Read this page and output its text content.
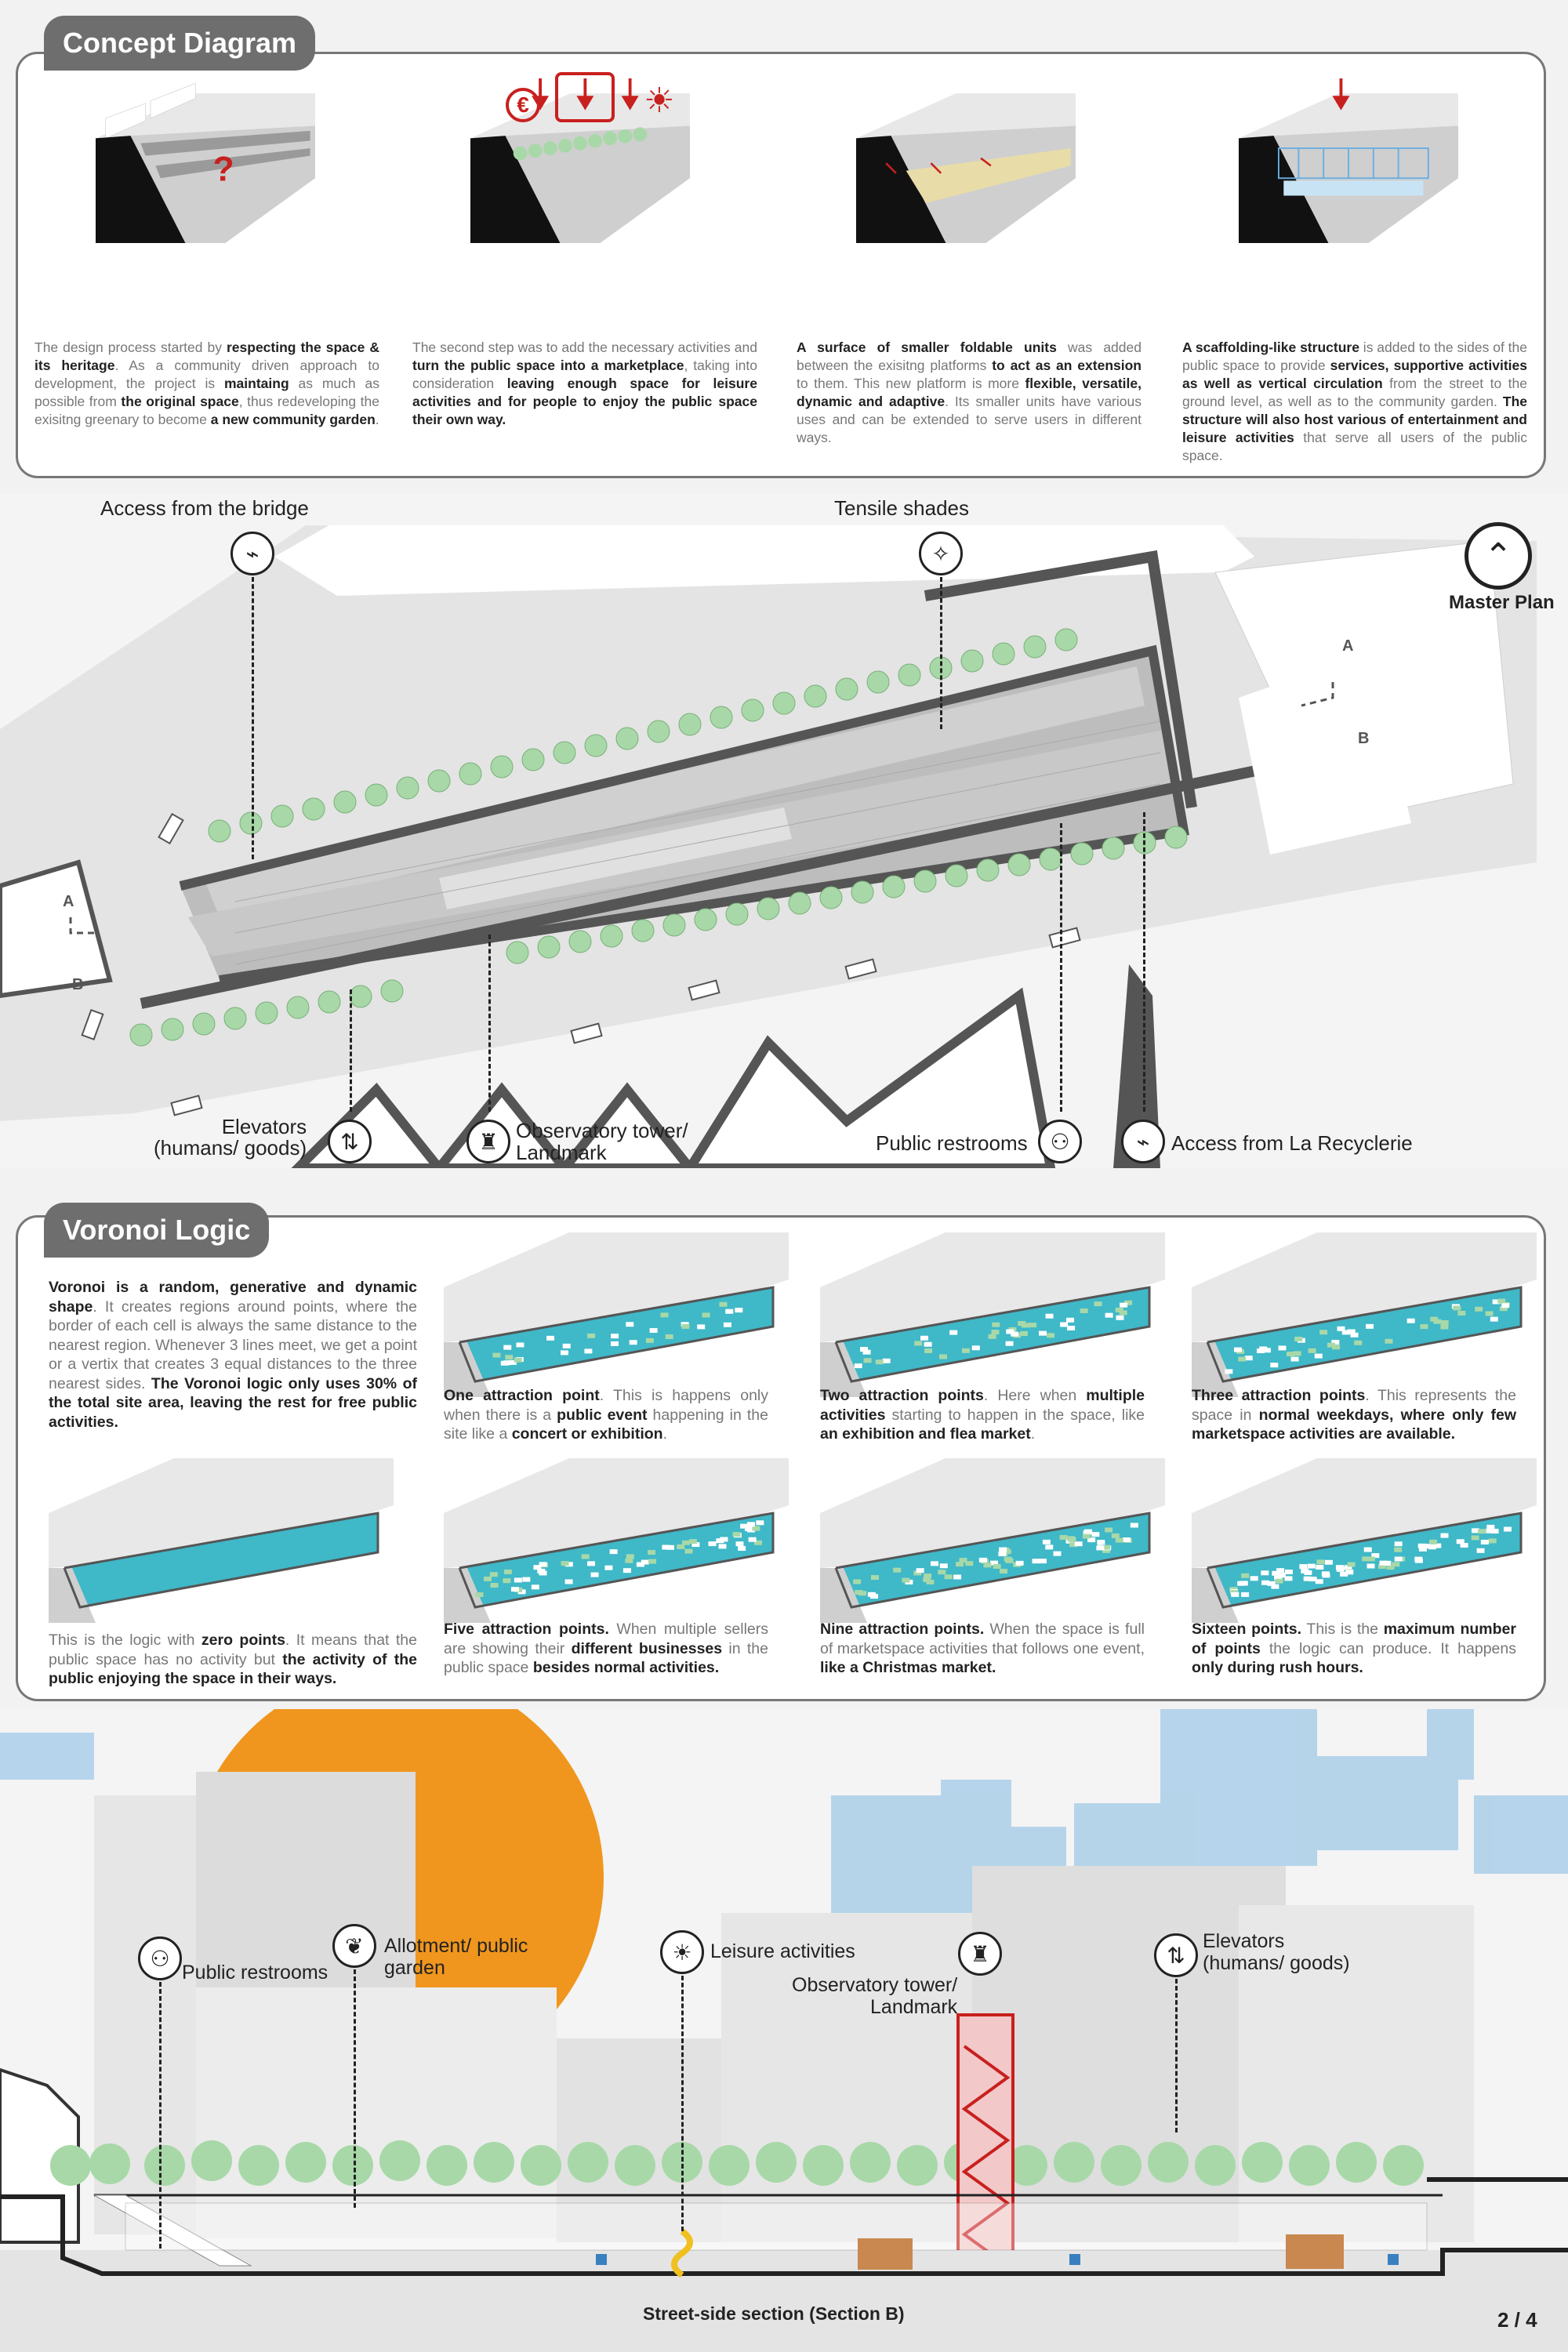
Concept Diagram
?
€	☀
The design process started by respecting the space & its heritage. As a community driven approach to development, the project is maintaing as much as possible from the original space, thus redeveloping the exisitng greenary to become a new community garden.
The second step was to add the necessary activities and turn the public space into a marketplace, taking into consideration leaving enough space for leisure activities and for people to enjoy the public space their own way.
A surface of smaller foldable units was added between the exisitng platforms to act as an extension to them. This new platform is more flexible, versatile, dynamic and adaptive. Its smaller units have various uses and can be extended to serve users in different ways.
A scaffolding-like structure is added to the sides of the public space to provide services, supportive activities as well as vertical circulation from the street to the ground level, as well as to the community garden. The structure will also host various of entertainment and leisure activities that serve all users of the public space.
A
B
A
B
Access from the bridge
⌁
Tensile shades
✧	⌃
Master Plan
⇅
Elevators
(humans/ goods)	♜ Observatory tower/
Landmark	⚇
Public restrooms	⌁	Access from La Recyclerie
Voronoi Logic
Voronoi is a random, generative and dynamic shape. It creates regions around points, where the border of each cell is always the same distance to the nearest region. Whenever 3 lines meet, we get a point or a vertix that creates 3 equal distances to the three nearest sides. The Voronoi logic only uses 30% of the total site area, leaving the rest for free public activities.
One attraction point. This is happens only when there is a public event happening in the site like a concert or exhibition.
Two attraction points. Here when multiple activities starting to happen in the space, like an exhibition and flea market.
Three attraction points. This represents the space in normal weekdays, where only few marketspace activities are available.
This is the logic with zero points. It means that the public space has no activity but the activity of the public enjoying the space in their ways.
Five attraction points. When multiple sellers are showing their different businesses in the public space besides normal activities.
Nine attraction points. When the space is full of marketspace activities that follows one event, like a Christmas market.
Sixteen points. This is the maximum number of points the logic can produce. It happens only during rush hours.
⚇
Public restrooms
❦	Allotment/ public
garden
☀ Leisure activities	♜
Observatory tower/
Landmark
⇅
Elevators
(humans/ goods)
Street-side section (Section B)	2 / 4
